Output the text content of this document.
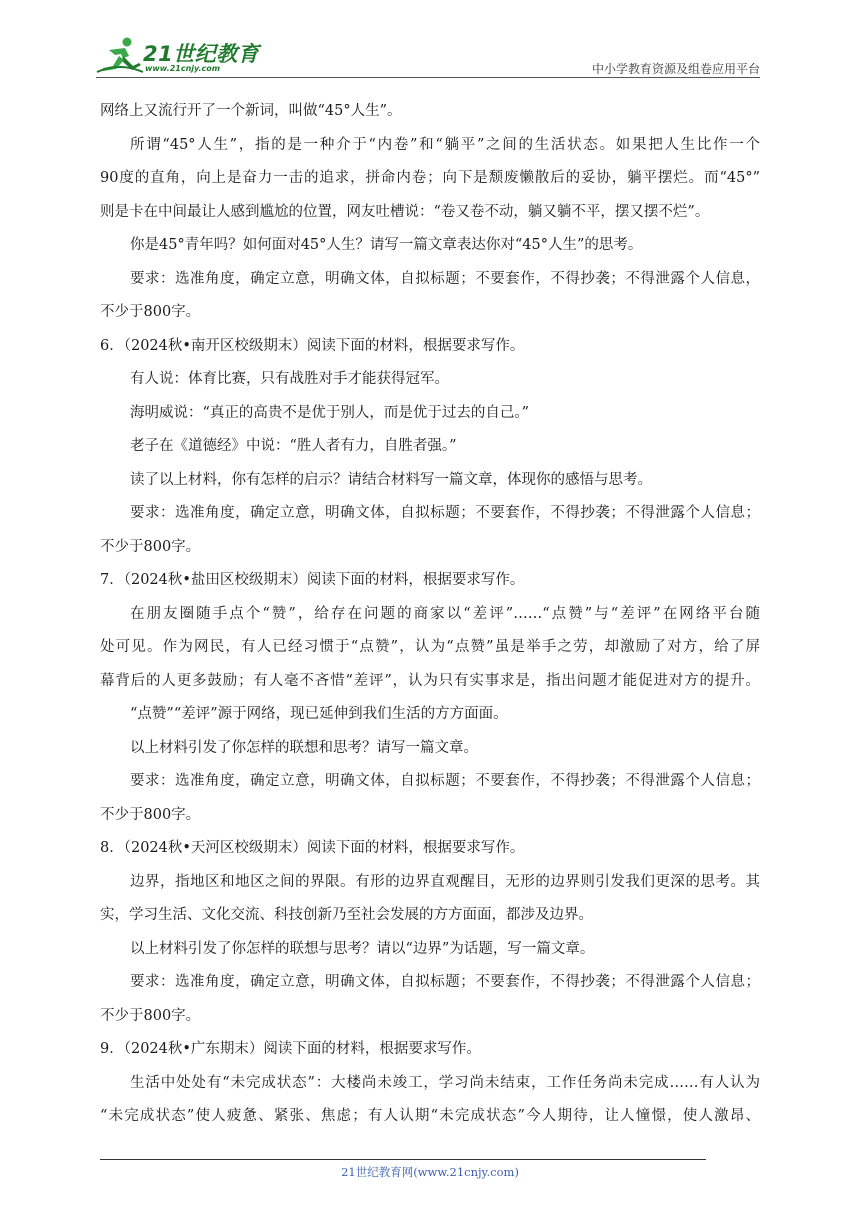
21世纪教育
www.21cnjy.com	中小学教育资源及组卷应用平台
网络上又流行开了一个新词，叫做“45°人生”。
所谓“45°人生”，指的是一种介于“内卷”和“躺平”之间的生活状态。如果把人生比作一个
90度的直角，向上是奋力一击的追求，拼命内卷；向下是颓废懒散后的妥协，躺平摆烂。而“45°”
则是卡在中间最让人感到尴尬的位置，网友吐槽说：“卷又卷不动，躺又躺不平，摆又摆不烂”。
你是45°青年吗？如何面对45°人生？请写一篇文章表达你对“45°人生”的思考。
要求：选准角度，确定立意，明确文体，自拟标题；不要套作，不得抄袭；不得泄露个人信息，
不少于800字。
6．（2024秋•南开区校级期末）阅读下面的材料，根据要求写作。
有人说：体育比赛，只有战胜对手才能获得冠军。
海明威说：“真正的高贵不是优于别人，而是优于过去的自己。”
老子在《道德经》中说：“胜人者有力，自胜者强。”
读了以上材料，你有怎样的启示？请结合材料写一篇文章，体现你的感悟与思考。
要求：选准角度，确定立意，明确文体，自拟标题；不要套作，不得抄袭；不得泄露个人信息；
不少于800字。
7．（2024秋•盐田区校级期末）阅读下面的材料，根据要求写作。
在朋友圈随手点个“赞”，给存在问题的商家以“差评”……“点赞”与“差评”在网络平台随
处可见。作为网民，有人已经习惯于“点赞”，认为“点赞”虽是举手之劳，却激励了对方，给了屏
幕背后的人更多鼓励；有人毫不吝惜“差评”，认为只有实事求是，指出问题才能促进对方的提升。
“点赞”“差评”源于网络，现已延伸到我们生活的方方面面。
以上材料引发了你怎样的联想和思考？请写一篇文章。
要求：选准角度，确定立意，明确文体，自拟标题；不要套作，不得抄袭；不得泄露个人信息；
不少于800字。
8．（2024秋•天河区校级期末）阅读下面的材料，根据要求写作。
边界，指地区和地区之间的界限。有形的边界直观醒目，无形的边界则引发我们更深的思考。其
实，学习生活、文化交流、科技创新乃至社会发展的方方面面，都涉及边界。
以上材料引发了你怎样的联想与思考？请以“边界”为话题，写一篇文章。
要求：选准角度，确定立意，明确文体，自拟标题；不要套作，不得抄袭；不得泄露个人信息；
不少于800字。
9．（2024秋•广东期末）阅读下面的材料，根据要求写作。
生活中处处有“未完成状态”：大楼尚未竣工，学习尚未结束，工作任务尚未完成……有人认为
“未完成状态”使人疲惫、紧张、焦虑；有人认期“未完成状态”今人期待，让人憧憬，使人激昂、
21世纪教育网(www.21cnjy.com)
